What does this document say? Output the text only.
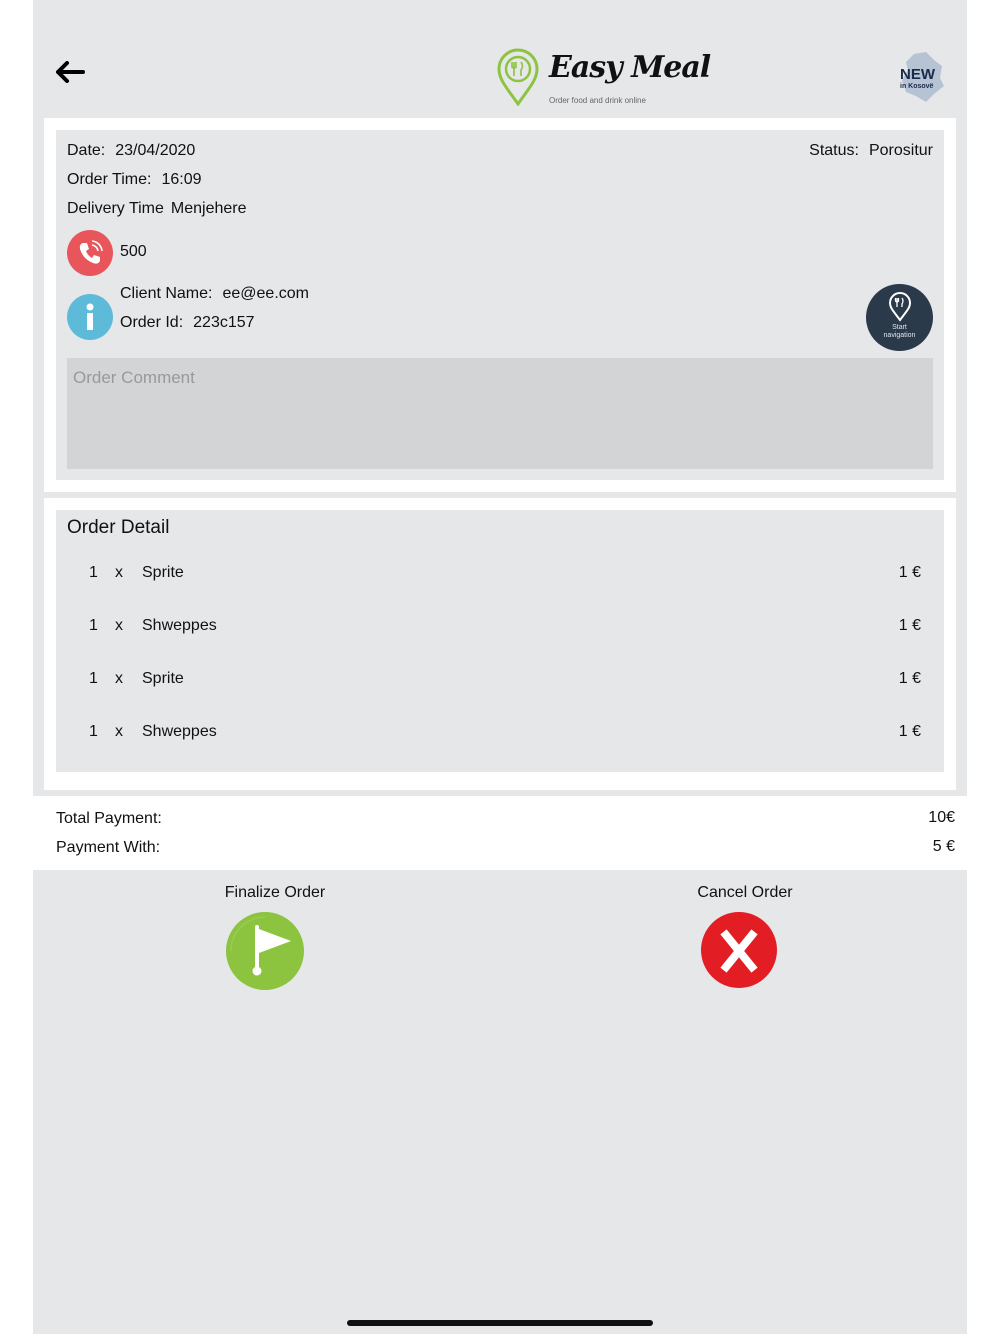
Easy Meal
Order food and drink online
NEW
in Kosovë
Date: 23/04/2020	Status: Porositur
Order Time: 16:09
Delivery Time Menjehere
500
Client Name: ee@ee.com
Order Id: 223c157	Start
navigation
Order Comment
Order Detail
1 x Sprite	1 €
1 x Shweppes	1 €
1 x Sprite	1 €
1 x Shweppes	1 €
Total Payment:	10€
Payment With:	5 €
Finalize Order	Cancel Order
